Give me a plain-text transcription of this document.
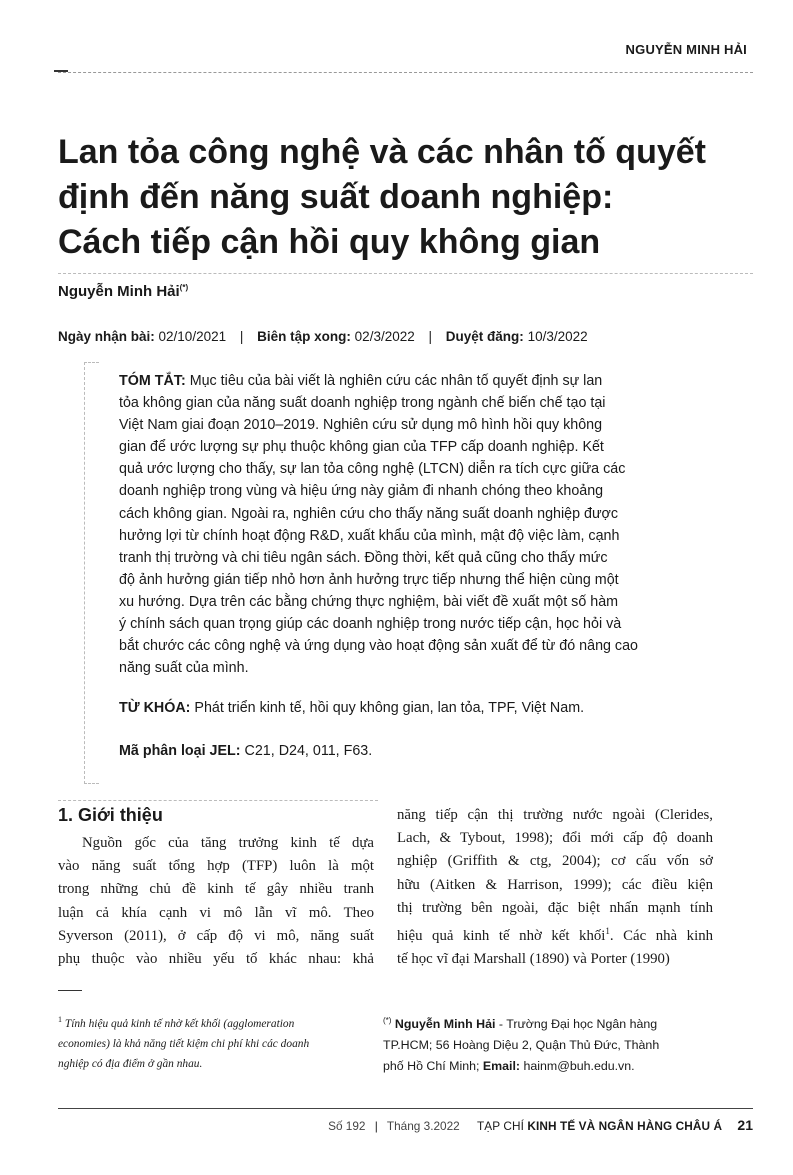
NGUYỄN MINH HẢI
Lan tỏa công nghệ và các nhân tố quyết
định đến năng suất doanh nghiệp:
Cách tiếp cận hồi quy không gian
Nguyễn Minh Hải(*)
Ngày nhận bài: 02/10/2021 | Biên tập xong: 02/3/2022 | Duyệt đăng: 10/3/2022

TÓM TẮT: Mục tiêu của bài viết là nghiên cứu các nhân tố quyết định sự lan
tỏa không gian của năng suất doanh nghiệp trong ngành chế biến chế tạo tại
Việt Nam giai đoạn 2010–2019. Nghiên cứu sử dụng mô hình hồi quy không
gian để ước lượng sự phụ thuộc không gian của TFP cấp doanh nghiệp. Kết
quả ước lượng cho thấy, sự lan tỏa công nghệ (LTCN) diễn ra tích cực giữa các
doanh nghiệp trong vùng và hiệu ứng này giảm đi nhanh chóng theo khoảng
cách không gian. Ngoài ra, nghiên cứu cho thấy năng suất doanh nghiệp được
hưởng lợi từ chính hoạt động R&D, xuất khẩu của mình, mật độ việc làm, cạnh
tranh thị trường và chi tiêu ngân sách. Đồng thời, kết quả cũng cho thấy mức
độ ảnh hưởng gián tiếp nhỏ hơn ảnh hưởng trực tiếp nhưng thể hiện cùng một
xu hướng. Dựa trên các bằng chứng thực nghiệm, bài viết đề xuất một số hàm
ý chính sách quan trọng giúp các doanh nghiệp trong nước tiếp cận, học hỏi và
bắt chước các công nghệ và ứng dụng vào hoạt động sản xuất để từ đó nâng cao
năng suất của mình.

TỪ KHÓA: Phát triển kinh tế, hồi quy không gian, lan tỏa, TPF, Việt Nam.
Mã phân loại JEL: C21, D24, 011, F63.
1. Giới thiệu
Nguồn gốc của tăng trưởng kinh tế dựa
vào năng suất tổng hợp (TFP) luôn là một
trong những chủ đề kinh tế gây nhiều tranh
luận cả khía cạnh vi mô lẫn vĩ mô. Theo
Syverson (2011), ở cấp độ vi mô, năng suất
phụ thuộc vào nhiều yếu tố khác nhau: khả
năng tiếp cận thị trường nước ngoài (Clerides,
Lach, & Tybout, 1998); đổi mới cấp độ doanh
nghiệp (Griffith & ctg, 2004); cơ cấu vốn sở
hữu (Aitken & Harrison, 1999); các điều kiện
thị trường bên ngoài, đặc biệt nhấn mạnh tính
hiệu quả kinh tế nhờ kết khối$^1$. Các nhà kinh
tế học vĩ đại Marshall (1890) và Porter (1990)

$^1$ Tính hiệu quả kinh tế nhờ kết khối (agglomeration
economies) là khả năng tiết kiệm chi phí khi các doanh
nghiệp có địa điểm ở gần nhau.

(*) Nguyễn Minh Hải - Trường Đại học Ngân hàng
TP.HCM; 56 Hoàng Diệu 2, Quận Thủ Đức, Thành
phố Hồ Chí Minh; Email: hainm@buh.edu.vn.

Số 192 | Tháng 3.2022 TẠP CHÍ KINH TẾ VÀ NGÂN HÀNG CHÂU Á 21
